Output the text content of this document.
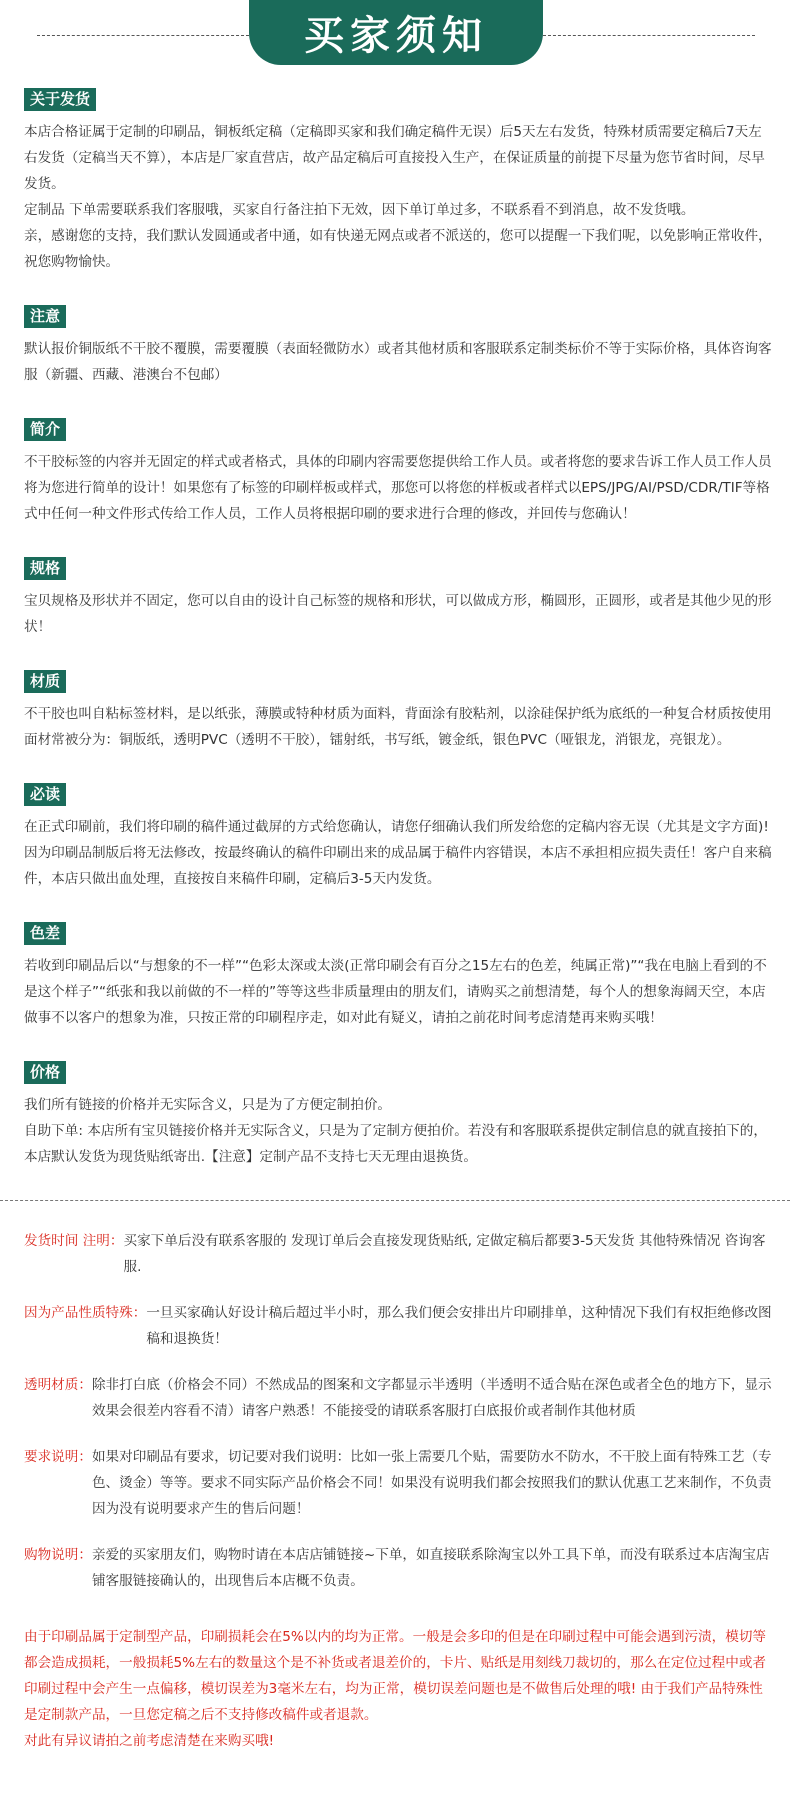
买家须知
关于发货

本店合格证属于定制的印刷品，铜板纸定稿（定稿即买家和我们确定稿件无误）后5天左右发货，特殊材质需要定稿后7天左右发货（定稿当天不算），本店是厂家直营店，故产品定稿后可直接投入生产，在保证质量的前提下尽量为您节省时间，尽早发货。

定制品 下单需要联系我们客服哦，买家自行备注拍下无效，因下单订单过多，不联系看不到消息，故不发货哦。

亲，感谢您的支持，我们默认发圆通或者中通，如有快递无网点或者不派送的，您可以提醒一下我们呢，以免影响正常收件，祝您购物愉快。

注意

默认报价铜版纸不干胶不覆膜，需要覆膜（表面轻微防水）或者其他材质和客服联系定制类标价不等于实际价格，具体咨询客服（新疆、西藏、港澳台不包邮）

简介

不干胶标签的内容并无固定的样式或者格式，具体的印刷内容需要您提供给工作人员。或者将您的要求告诉工作人员工作人员将为您进行简单的设计！如果您有了标签的印刷样板或样式，那您可以将您的样板或者样式以EPS/JPG/AI/PSD/CDR/TIF等格式中任何一种文件形式传给工作人员，工作人员将根据印刷的要求进行合理的修改，并回传与您确认！

规格

宝贝规格及形状并不固定，您可以自由的设计自己标签的规格和形状，可以做成方形，椭圆形，正圆形，或者是其他少见的形状！

材质

不干胶也叫自粘标签材料，是以纸张，薄膜或特种材质为面料，背面涂有胶粘剂，以涂硅保护纸为底纸的一种复合材质按使用面材常被分为：铜版纸，透明PVC（透明不干胶），镭射纸，书写纸，镀金纸，银色PVC（哑银龙，消银龙，亮银龙）。

必读

在正式印刷前，我们将印刷的稿件通过截屏的方式给您确认，请您仔细确认我们所发给您的定稿内容无误（尤其是文字方面)! 因为印刷品制版后将无法修改，按最终确认的稿件印刷出来的成品属于稿件内容错误，本店不承担相应损失责任！客户自来稿件，本店只做出血处理，直接按自来稿件印刷，定稿后3-5天内发货。

色差

若收到印刷品后以“与想象的不一样”“色彩太深或太淡(正常印刷会有百分之15左右的色差，纯属正常)”“我在电脑上看到的不是这个样子”“纸张和我以前做的不一样的”等等这些非质量理由的朋友们，请购买之前想清楚，每个人的想象海阔天空，本店做事不以客户的想象为准，只按正常的印刷程序走，如对此有疑义，请拍之前花时间考虑清楚再来购买哦！

价格

我们所有链接的价格并无实际含义，只是为了方便定制拍价。

自助下单: 本店所有宝贝链接价格并无实际含义，只是为了定制方便拍价。若没有和客服联系提供定制信息的就直接拍下的，本店默认发货为现货贴纸寄出.【注意】定制产品不支持七天无理由退换货。

发货时间 注明： 买家下单后没有联系客服的 发现订单后会直接发现货贴纸, 定做定稿后都要3-5天发货 其他特殊情况 咨询客服.
因为产品性质特殊： 一旦买家确认好设计稿后超过半小时，那么我们便会安排出片印刷排单，这种情况下我们有权拒绝修改图稿和退换货！
透明材质： 除非打白底（价格会不同）不然成品的图案和文字都显示半透明（半透明不适合贴在深色或者全色的地方下，显示效果会很差内容看不清）请客户熟悉！不能接受的请联系客服打白底报价或者制作其他材质
要求说明： 如果对印刷品有要求，切记要对我们说明：比如一张上需要几个贴，需要防水不防水，不干胶上面有特殊工艺（专色、烫金）等等。要求不同实际产品价格会不同！如果没有说明我们都会按照我们的默认优惠工艺来制作，不负责因为没有说明要求产生的售后问题！
购物说明： 亲爱的买家朋友们，购物时请在本店店铺链接~下单，如直接联系除淘宝以外工具下单，而没有联系过本店淘宝店铺客服链接确认的，出现售后本店概不负责。

由于印刷品属于定制型产品，印刷损耗会在5%以内的均为正常。一般是会多印的但是在印刷过程中可能会遇到污渍，模切等都会造成损耗，一般损耗5%左右的数量这个是不补货或者退差价的，卡片、贴纸是用刻线刀裁切的，那么在定位过程中或者印刷过程中会产生一点偏移，模切误差为3毫米左右，均为正常，模切误差问题也是不做售后处理的哦! 由于我们产品特殊性是定制款产品，一旦您定稿之后不支持修改稿件或者退款。

对此有异议请拍之前考虑清楚在来购买哦!
